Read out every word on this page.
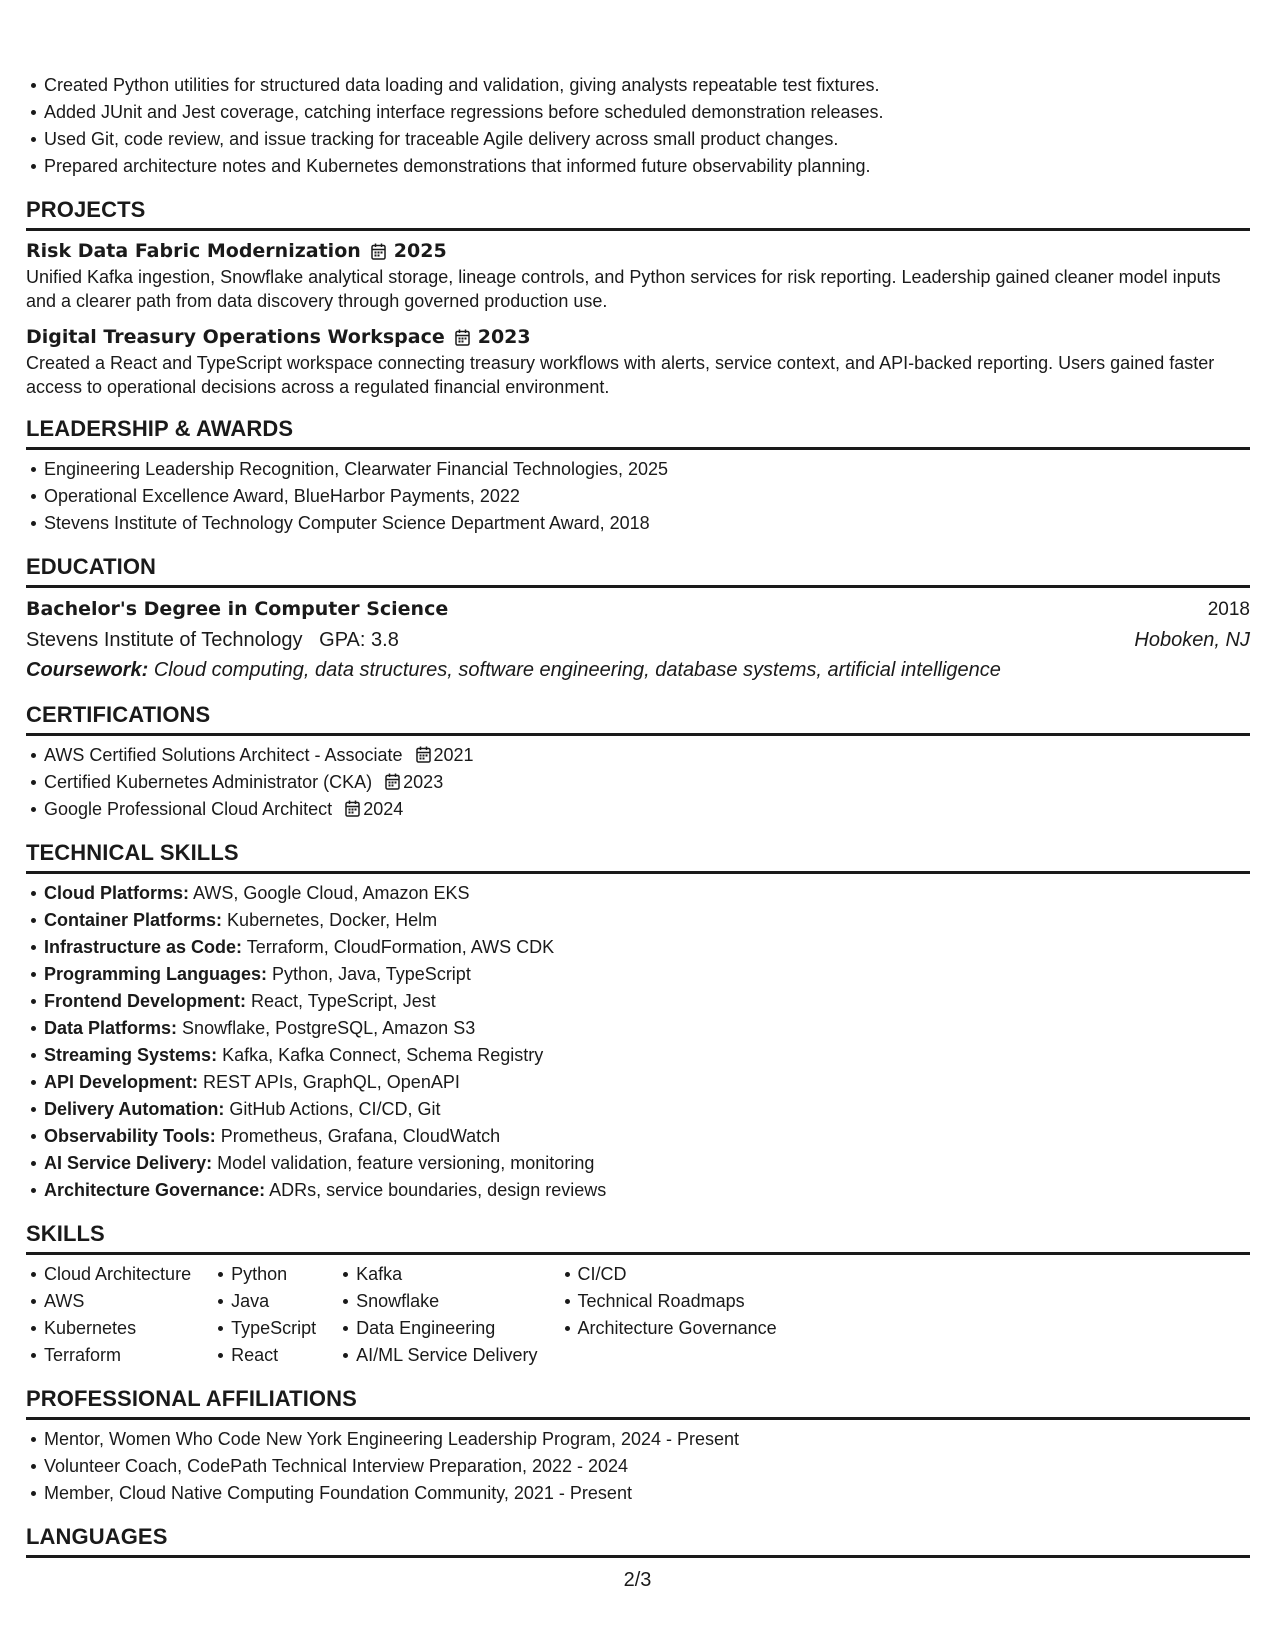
Created Python utilities for structured data loading and validation, giving analysts repeatable test fixtures.
Added JUnit and Jest coverage, catching interface regressions before scheduled demonstration releases.
Used Git, code review, and issue tracking for traceable Agile delivery across small product changes.
Prepared architecture notes and Kubernetes demonstrations that informed future observability planning.
PROJECTS
Risk Data Fabric Modernization 2025
Unified Kafka ingestion, Snowflake analytical storage, lineage controls, and Python services for risk reporting. Leadership gained cleaner model inputs and a clearer path from data discovery through governed production use.
Digital Treasury Operations Workspace 2023
Created a React and TypeScript workspace connecting treasury workflows with alerts, service context, and API-backed reporting. Users gained faster access to operational decisions across a regulated financial environment.
LEADERSHIP & AWARDS
Engineering Leadership Recognition, Clearwater Financial Technologies, 2025
Operational Excellence Award, BlueHarbor Payments, 2022
Stevens Institute of Technology Computer Science Department Award, 2018
EDUCATION
Bachelor's Degree in Computer Science	2018
Stevens Institute of Technology   GPA: 3.8	Hoboken, NJ
Coursework: Cloud computing, data structures, software engineering, database systems, artificial intelligence
CERTIFICATIONS
AWS Certified Solutions Architect - Associate 2021
Certified Kubernetes Administrator (CKA) 2023
Google Professional Cloud Architect 2024
TECHNICAL SKILLS
Cloud Platforms: AWS, Google Cloud, Amazon EKS
Container Platforms: Kubernetes, Docker, Helm
Infrastructure as Code: Terraform, CloudFormation, AWS CDK
Programming Languages: Python, Java, TypeScript
Frontend Development: React, TypeScript, Jest
Data Platforms: Snowflake, PostgreSQL, Amazon S3
Streaming Systems: Kafka, Kafka Connect, Schema Registry
API Development: REST APIs, GraphQL, OpenAPI
Delivery Automation: GitHub Actions, CI/CD, Git
Observability Tools: Prometheus, Grafana, CloudWatch
AI Service Delivery: Model validation, feature versioning, monitoring
Architecture Governance: ADRs, service boundaries, design reviews
SKILLS
Cloud Architecture
AWS
Kubernetes
Terraform
Python
Java
TypeScript
React
Kafka
Snowflake
Data Engineering
AI/ML Service Delivery
CI/CD
Technical Roadmaps
Architecture Governance
PROFESSIONAL AFFILIATIONS
Mentor, Women Who Code New York Engineering Leadership Program, 2024 - Present
Volunteer Coach, CodePath Technical Interview Preparation, 2022 - 2024
Member, Cloud Native Computing Foundation Community, 2021 - Present
LANGUAGES
2/3
